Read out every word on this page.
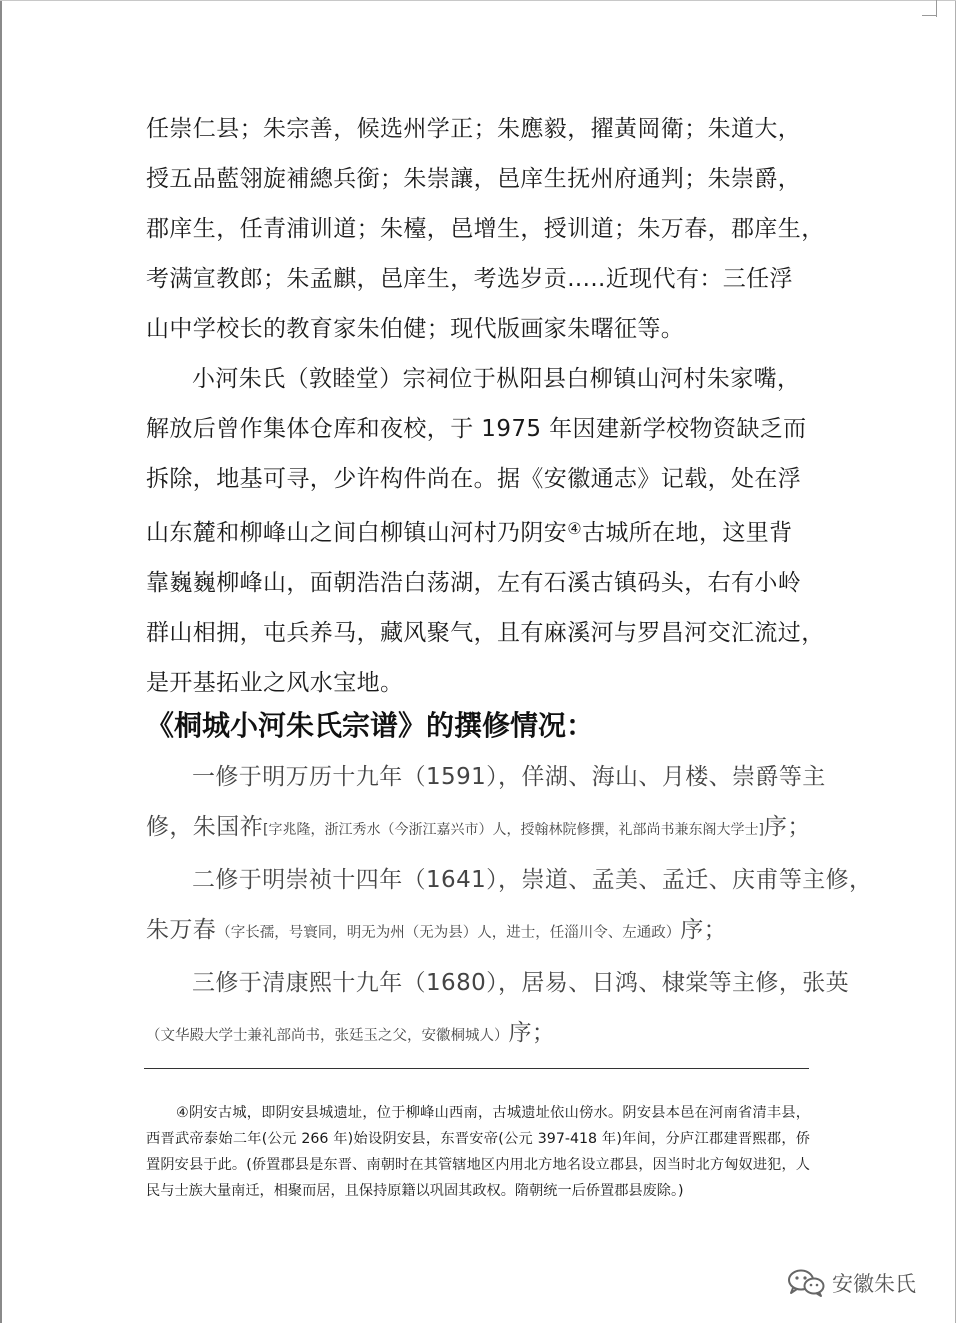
任崇仁县；朱宗善，候选州学正；朱應毅，擢黃岡衛；朱道大，

授五品藍翎旋補總兵銜；朱崇讓，邑庠生抚州府通判；朱崇爵，

郡庠生，任青浦训道；朱檯，邑增生，授训道；朱万春，郡庠生，

考满宣教郎；朱孟麒，邑庠生，考选岁贡.....近现代有：三任浮

山中学校长的教育家朱伯健；现代版画家朱曙征等。

小河朱氏（敦睦堂）宗祠位于枞阳县白柳镇山河村朱家嘴，

解放后曾作集体仓库和夜校，于 1975 年因建新学校物资缺乏而

拆除，地基可寻，少许构件尚在。据《安徽通志》记载，处在浮

山东麓和柳峰山之间白柳镇山河村乃阴安④古城所在地，这里背

靠巍巍柳峰山，面朝浩浩白荡湖，左有石溪古镇码头，右有小岭

群山相拥，屯兵养马，藏风聚气，且有麻溪河与罗昌河交汇流过，

是开基拓业之风水宝地。

《桐城小河朱氏宗谱》的撰修情况：

一修于明万历十九年（1591），佯湖、海山、月楼、崇爵等主

修，朱国祚[字兆隆，浙江秀水（今浙江嘉兴市）人，授翰林院修撰，礼部尚书兼东阁大学士]序；

二修于明崇祯十四年（1641），崇道、孟美、孟迁、庆甫等主修，

朱万春（字长孺，号寰同，明无为州（无为县）人，进士，任淄川令、左通政）序；

三修于清康熙十九年（1680），居易、日鸿、棣棠等主修，张英

（文华殿大学士兼礼部尚书，张廷玉之父，安徽桐城人）序；

④阴安古城，即阴安县城遗址，位于柳峰山西南，古城遗址依山傍水。阴安县本邑在河南省清丰县，西晋武帝泰始二年(公元 266 年)始设阴安县，东晋安帝(公元 397-418 年)年间，分庐江郡建晋熙郡，侨置阴安县于此。(侨置郡县是东晋、南朝时在其管辖地区内用北方地名设立郡县，因当时北方匈奴进犯，人民与士族大量南迁，相聚而居，且保持原籍以巩固其政权。隋朝统一后侨置郡县废除。)

安徽朱氏
